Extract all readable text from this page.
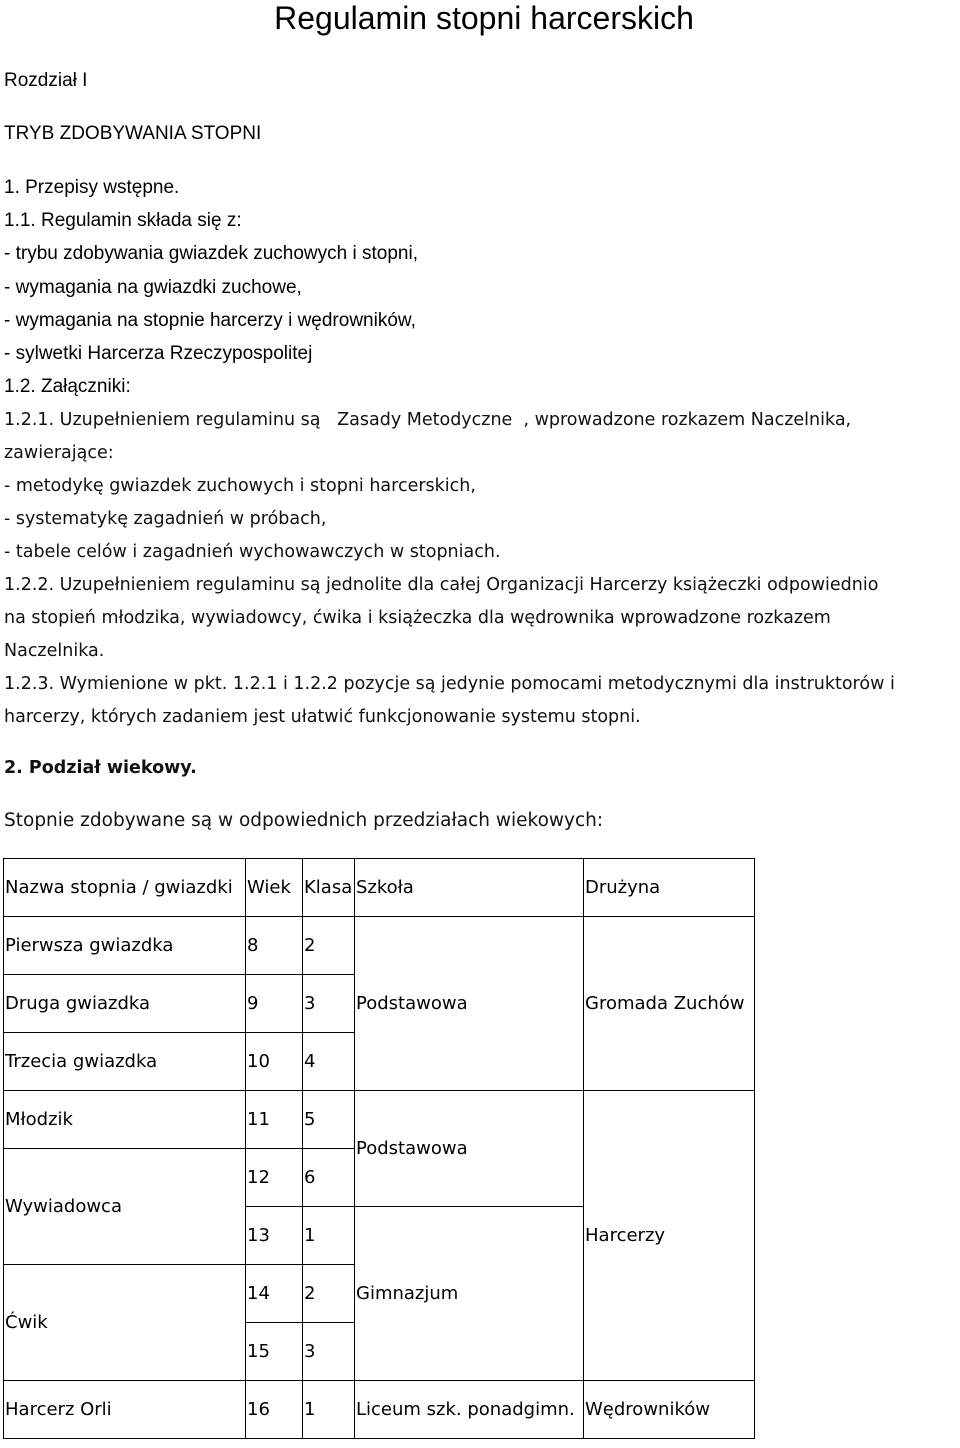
Regulamin stopni harcerskich
Rozdział I
TRYB ZDOBYWANIA STOPNI
1. Przepisy wstępne.
1.1. Regulamin składa się z:
- trybu zdobywania gwiazdek zuchowych i stopni,
- wymagania na gwiazdki zuchowe,
- wymagania na stopnie harcerzy i wędrowników,
- sylwetki Harcerza Rzeczypospolitej
1.2. Załączniki:
1.2.1. Uzupełnieniem regulaminu są   Zasady Metodyczne  , wprowadzone rozkazem Naczelnika,
zawierające:
- metodykę gwiazdek zuchowych i stopni harcerskich,
- systematykę zagadnień w próbach,
- tabele celów i zagadnień wychowawczych w stopniach.
1.2.2. Uzupełnieniem regulaminu są jednolite dla całej Organizacji Harcerzy książeczki odpowiednio
na stopień młodzika, wywiadowcy, ćwika i książeczka dla wędrownika wprowadzone rozkazem
Naczelnika.
1.2.3. Wymienione w pkt. 1.2.1 i 1.2.2 pozycje są jedynie pomocami metodycznymi dla instruktorów i
harcerzy, których zadaniem jest ułatwić funkcjonowanie systemu stopni.
2. Podział wiekowy.
Stopnie zdobywane są w odpowiednich przedziałach wiekowych:
Nazwa stopnia / gwiazdki	Wiek	Klasa	Szkoła	Drużyna
Pierwsza gwiazdka	8	2	Podstawowa	Gromada Zuchów
Druga gwiazdka	9	3		
Trzecia gwiazdka	10	4		
Młodzik	11	5	Podstawowa	Harcerzy
Wywiadowca	12	6		
	13	1	Gimnazjum	
Ćwik	14	2		
	15	3		
Harcerz Orli	16	1	Liceum szk. ponadgimn.	Wędrowników
